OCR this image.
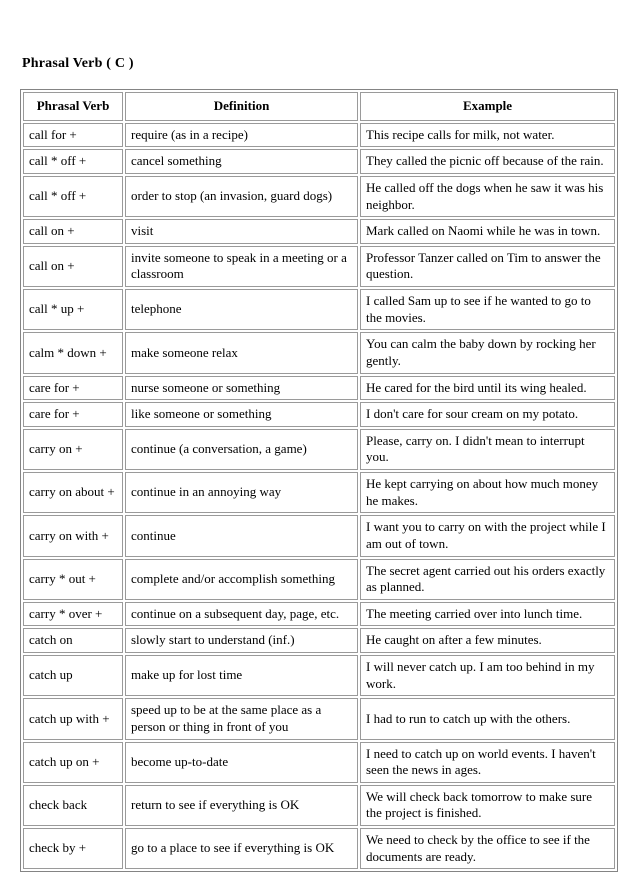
Phrasal Verb ( C )
Phrasal Verb	Definition	Example
call for +	require (as in a recipe)	This recipe calls for milk, not water.
call * off +	cancel something	They called the picnic off because of the rain.
call * off +	order to stop (an invasion, guard dogs)	He called off the dogs when he saw it was his neighbor.
call on +	visit	Mark called on Naomi while he was in town.
call on +	invite someone to speak in a meeting or a classroom	Professor Tanzer called on Tim to answer the question.
call * up +	telephone	I called Sam up to see if he wanted to go to the movies.
calm * down +	make someone relax	You can calm the baby down by rocking her gently.
care for +	nurse someone or something	He cared for the bird until its wing healed.
care for +	like someone or something	I don't care for sour cream on my potato.
carry on +	continue (a conversation, a game)	Please, carry on. I didn't mean to interrupt you.
carry on about +	continue in an annoying way	He kept carrying on about how much money he makes.
carry on with +	continue	I want you to carry on with the project while I am out of town.
carry * out +	complete and/or accomplish something	The secret agent carried out his orders exactly as planned.
carry * over +	continue on a subsequent day, page, etc.	The meeting carried over into lunch time.
catch on	slowly start to understand (inf.)	He caught on after a few minutes.
catch up	make up for lost time	I will never catch up. I am too behind in my work.
catch up with +	speed up to be at the same place as a person or thing in front of you	I had to run to catch up with the others.
catch up on +	become up-to-date	I need to catch up on world events. I haven't seen the news in ages.
check back	return to see if everything is OK	We will check back tomorrow to make sure the project is finished.
check by +	go to a place to see if everything is OK	We need to check by the office to see if the documents are ready.
